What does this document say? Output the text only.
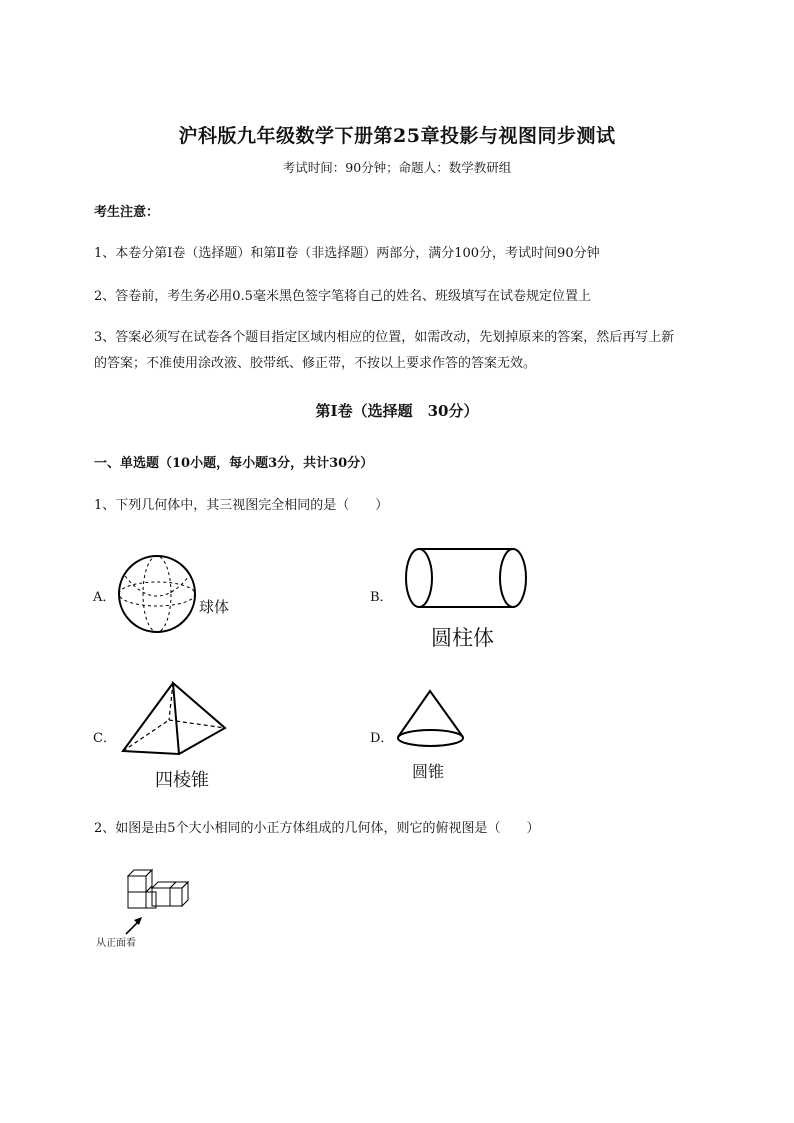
沪科版九年级数学下册第25章投影与视图同步测试
考试时间：90分钟；命题人：数学教研组
考生注意：
1、本卷分第I卷（选择题）和第Ⅱ卷（非选择题）两部分，满分100分，考试时间90分钟
2、答卷前，考生务必用0.5毫米黑色签字笔将自己的姓名、班级填写在试卷规定位置上
3、答案必须写在试卷各个题目指定区域内相应的位置，如需改动，先划掉原来的答案，然后再写上新
的答案；不准使用涂改液、胶带纸、修正带，不按以上要求作答的答案无效。
第I卷（选择题　30分）
一、单选题（10小题，每小题3分，共计30分）
1、下列几何体中，其三视图完全相同的是（　　）
A．
球体
B．
圆柱体
C．
四棱锥
D．
圆锥
2、如图是由5个大小相同的小正方体组成的几何体，则它的俯视图是（　　）
从正面看
